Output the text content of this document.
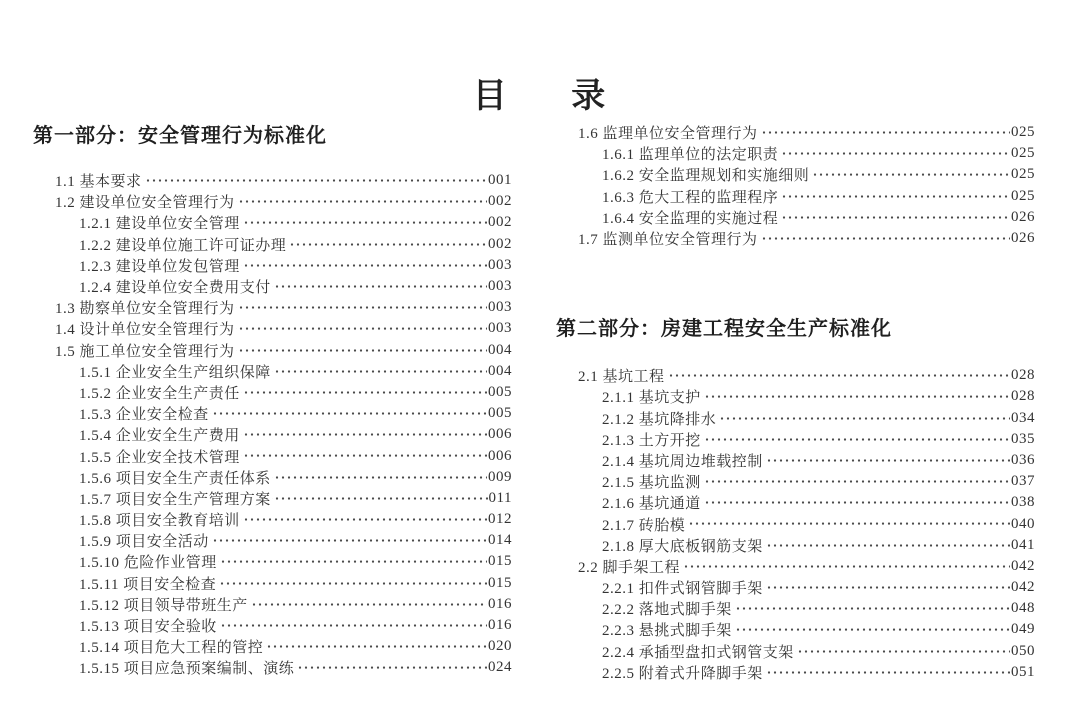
目 录
第一部分：安全管理行为标准化
1.1 基本要求	001
1.2 建设单位安全管理行为	002
1.2.1 建设单位安全管理	002
1.2.2 建设单位施工许可证办理	002
1.2.3 建设单位发包管理	003
1.2.4 建设单位安全费用支付	003
1.3 勘察单位安全管理行为	003
1.4 设计单位安全管理行为	003
1.5 施工单位安全管理行为	004
1.5.1 企业安全生产组织保障	004
1.5.2 企业安全生产责任	005
1.5.3 企业安全检查	005
1.5.4 企业安全生产费用	006
1.5.5 企业安全技术管理	006
1.5.6 项目安全生产责任体系	009
1.5.7 项目安全生产管理方案	011
1.5.8 项目安全教育培训	012
1.5.9 项目安全活动	014
1.5.10 危险作业管理	015
1.5.11 项目安全检查	015
1.5.12 项目领导带班生产	016
1.5.13 项目安全验收	016
1.5.14 项目危大工程的管控	020
1.5.15 项目应急预案编制、演练	024
1.6 监理单位安全管理行为	025
1.6.1 监理单位的法定职责	025
1.6.2 安全监理规划和实施细则	025
1.6.3 危大工程的监理程序	025
1.6.4 安全监理的实施过程	026
1.7 监测单位安全管理行为	026
第二部分：房建工程安全生产标准化
2.1 基坑工程	028
2.1.1 基坑支护	028
2.1.2 基坑降排水	034
2.1.3 土方开挖	035
2.1.4 基坑周边堆载控制	036
2.1.5 基坑监测	037
2.1.6 基坑通道	038
2.1.7 砖胎模	040
2.1.8 厚大底板钢筋支架	041
2.2 脚手架工程	042
2.2.1 扣件式钢管脚手架	042
2.2.2 落地式脚手架	048
2.2.3 悬挑式脚手架	049
2.2.4 承插型盘扣式钢管支架	050
2.2.5 附着式升降脚手架	051
